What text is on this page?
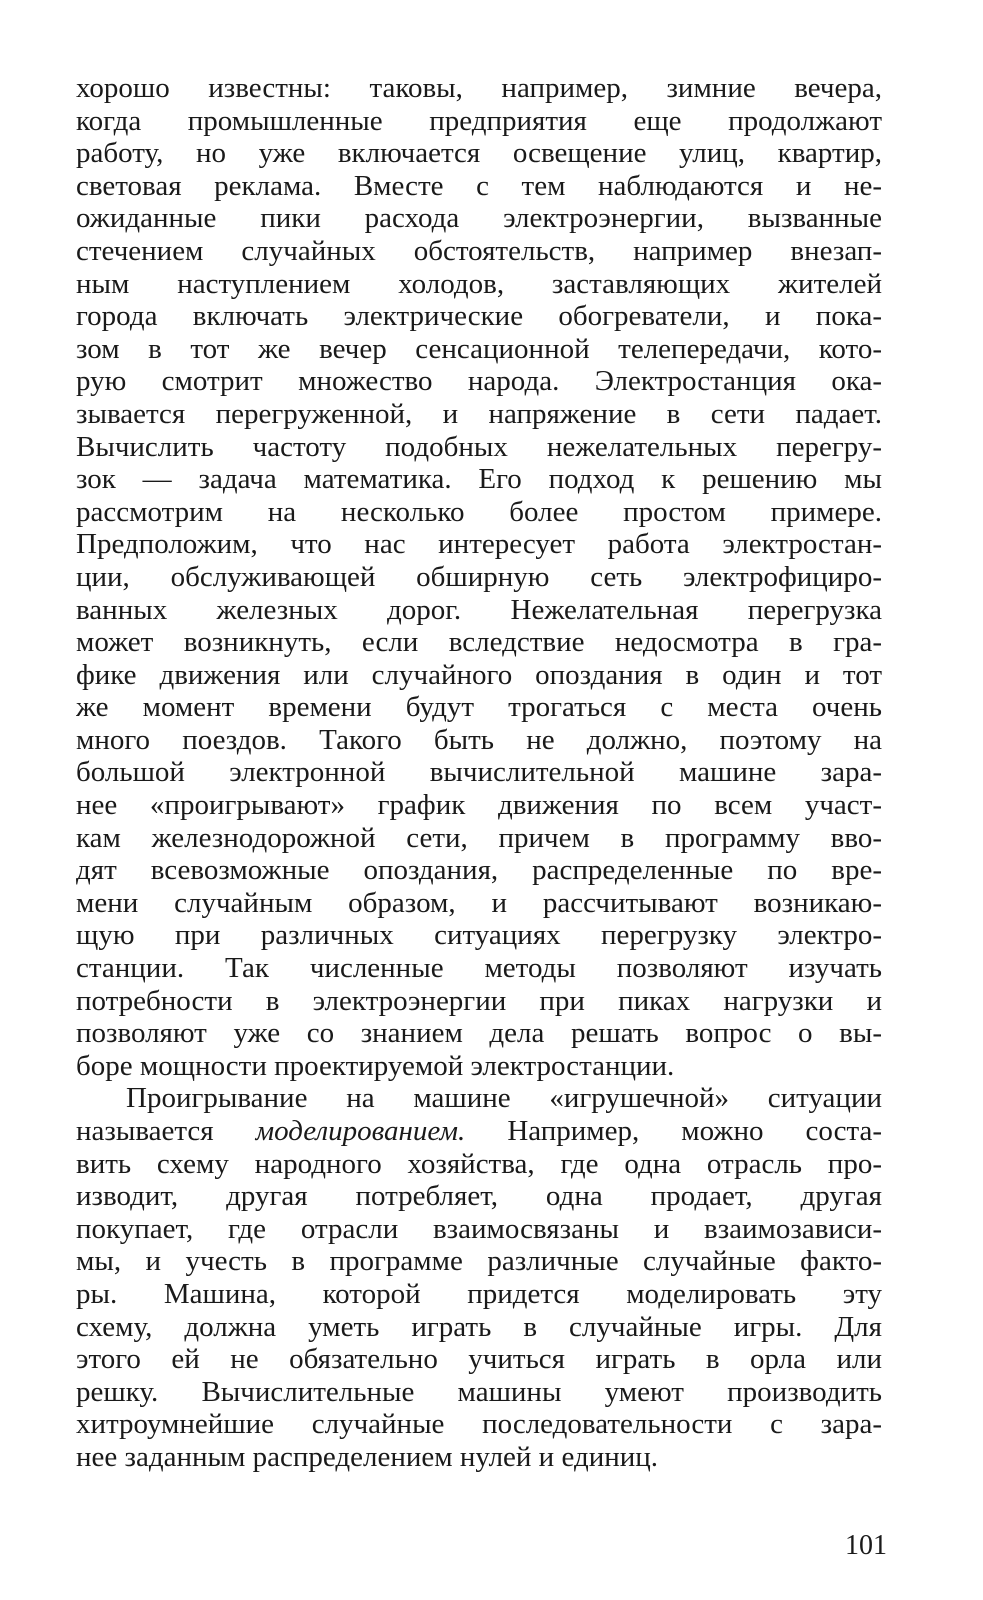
хорошо известны: таковы, например, зимние вечера,
когда промышленные предприятия еще продолжают
работу, но уже включается освещение улиц, квартир,
световая реклама. Вместе с тем наблюдаются и не-
ожиданные пики расхода электроэнергии, вызванные
стечением случайных обстоятельств, например внезап-
ным наступлением холодов, заставляющих жителей
города включать электрические обогреватели, и пока-
зом в тот же вечер сенсационной телепередачи, кото-
рую смотрит множество народа. Электростанция ока-
зывается перегруженной, и напряжение в сети падает.
Вычислить частоту подобных нежелательных перегру-
зок — задача математика. Его подход к решению мы
рассмотрим на несколько более простом примере.
Предположим, что нас интересует работа электростан-
ции, обслуживающей обширную сеть электрофициро-
ванных железных дорог. Нежелательная перегрузка
может возникнуть, если вследствие недосмотра в гра-
фике движения или случайного опоздания в один и тот
же момент времени будут трогаться с места очень
много поездов. Такого быть не должно, поэтому на
большой электронной вычислительной машине зара-
нее «проигрывают» график движения по всем участ-
кам железнодорожной сети, причем в программу вво-
дят всевозможные опоздания, распределенные по вре-
мени случайным образом, и рассчитывают возникаю-
щую при различных ситуациях перегрузку электро-
станции. Так численные методы позволяют изучать
потребности в электроэнергии при пиках нагрузки и
позволяют уже со знанием дела решать вопрос о вы-
боре мощности проектируемой электростанции.
Проигрывание на машине «игрушечной» ситуации
называется моделированием. Например, можно соста-
вить схему народного хозяйства, где одна отрасль про-
изводит, другая потребляет, одна продает, другая
покупает, где отрасли взаимосвязаны и взаимозависи-
мы, и учесть в программе различные случайные факто-
ры. Машина, которой придется моделировать эту
схему, должна уметь играть в случайные игры. Для
этого ей не обязательно учиться играть в орла или
решку. Вычислительные машины умеют производить
хитроумнейшие случайные последовательности с зара-
нее заданным распределением нулей и единиц.
101
